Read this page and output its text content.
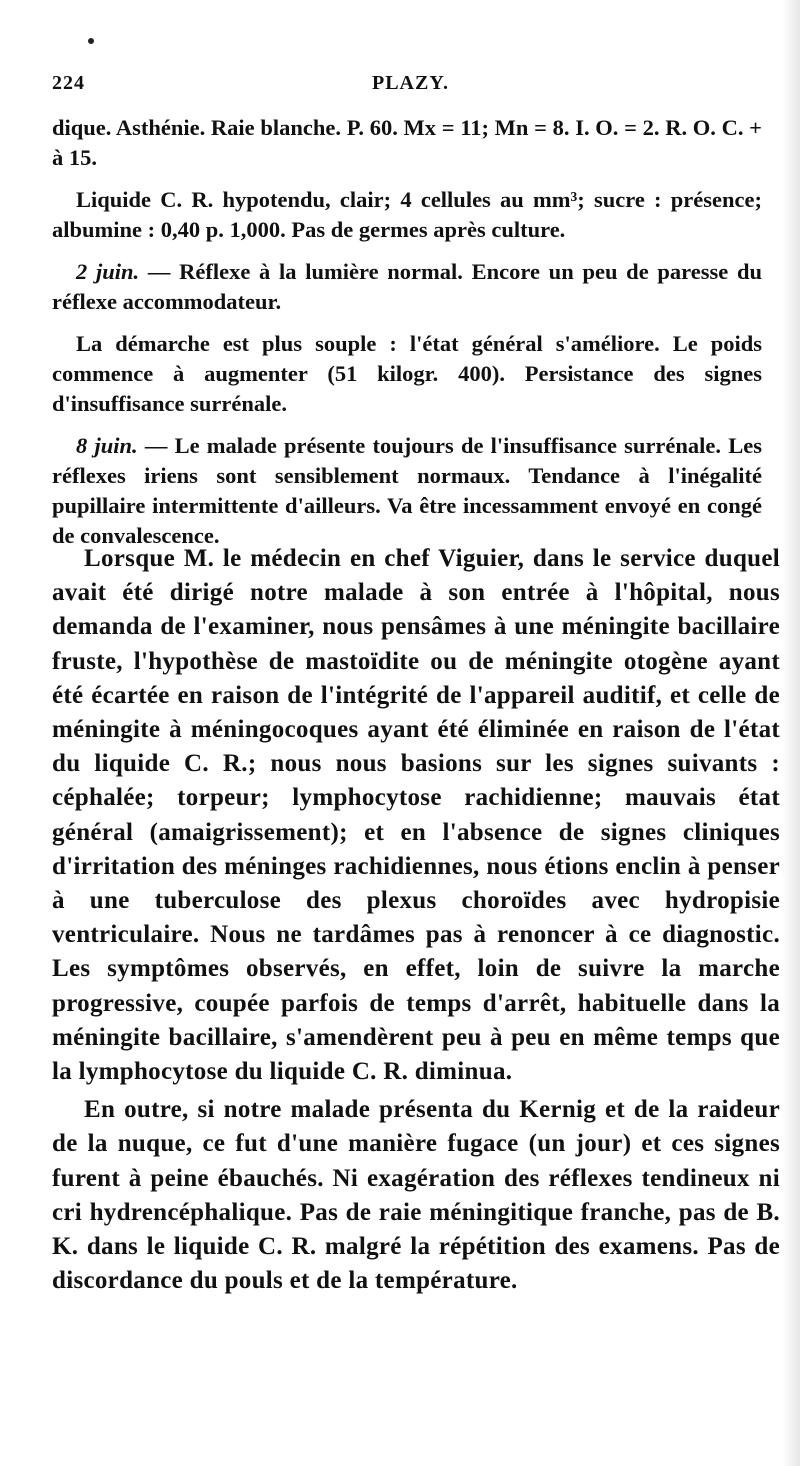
224	PLAZY.

dique. Asthénie. Raie blanche. P. 60. Mx = 11; Mn = 8. I. O. = 2. R. O. C. + à 15.

Liquide C. R. hypotendu, clair; 4 cellules au mm³; sucre : présence; albumine : 0,40 p. 1,000. Pas de germes après culture.

2 juin. — Réflexe à la lumière normal. Encore un peu de paresse du réflexe accommodateur.

La démarche est plus souple : l'état général s'améliore. Le poids commence à augmenter (51 kilogr. 400). Persistance des signes d'insuffisance surrénale.

8 juin. — Le malade présente toujours de l'insuffisance surrénale. Les réflexes iriens sont sensiblement normaux. Tendance à l'inégalité pupillaire intermittente d'ailleurs. Va être incessamment envoyé en congé de convalescence.

Lorsque M. le médecin en chef Viguier, dans le service duquel avait été dirigé notre malade à son entrée à l'hôpital, nous demanda de l'examiner, nous pensâmes à une méningite bacillaire fruste, l'hypothèse de mastoïdite ou de méningite otogène ayant été écartée en raison de l'intégrité de l'appareil auditif, et celle de méningite à méningocoques ayant été éliminée en raison de l'état du liquide C. R.; nous nous basions sur les signes suivants : céphalée; torpeur; lymphocytose rachidienne; mauvais état général (amaigrissement); et en l'absence de signes cliniques d'irritation des méninges rachidiennes, nous étions enclin à penser à une tuberculose des plexus choroïdes avec hydropisie ventriculaire. Nous ne tardâmes pas à renoncer à ce diagnostic. Les symptômes observés, en effet, loin de suivre la marche progressive, coupée parfois de temps d'arrêt, habituelle dans la méningite bacillaire, s'amendèrent peu à peu en même temps que la lymphocytose du liquide C. R. diminua.

En outre, si notre malade présenta du Kernig et de la raideur de la nuque, ce fut d'une manière fugace (un jour) et ces signes furent à peine ébauchés. Ni exagération des réflexes tendineux ni cri hydrencéphalique. Pas de raie méningitique franche, pas de B. K. dans le liquide C. R. malgré la répétition des examens. Pas de discordance du pouls et de la température.
